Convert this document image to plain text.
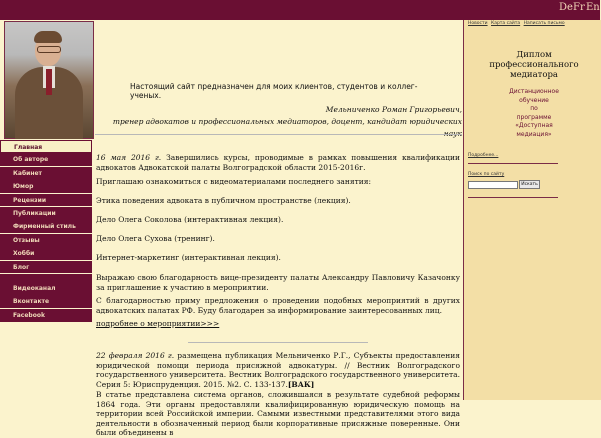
De Fr En
Главная
Об авторе
Кабинет
Юмор
Рецензии
Публикации
Фирменный стиль
Отзывы
Хобби
Блог
Видеоканал
Вконтакте
Facebook
Настоящий сайт предназначен для моих клиентов, студентов и коллег-ученых.
Мельниченко Роман Григорьевич,
тренер адвокатов и профессиональных медиаторов, доцент, кандидат юридических
16 мая 2016 г. Завершились курсы, проводимые в рамках повышения квалификации адвокатов Адвокатской палаты Волгоградской области 2015-2016г.
Приглашаю ознакомиться с видеоматериалами последнего занятия:
Этика поведения адвоката в публичном пространстве (лекция).
Дело Олега Соколова (интерактивная лекция).
Дело Олега Сухова (тренинг).
Интернет-маркетинг (интерактивная лекция).
Выражаю свою благодарность вице-президенту палаты Александру Павловичу Казачонку за приглашение к участию в мероприятии.
С благодарностью приму предложения о проведении подобных мероприятий в других адвокатских палатах РФ. Буду благодарен за информирование заинтересованных лиц.
подробнее о мероприятии>>>
22 февраля 2016 г. размещена публикация Мельниченко Р.Г., Субъекты предоставления юридической помощи периода присяжной адвокатуры. // Вестник Волгоградского государственного университета. Вестник Волгоградского государственного университета. Серия 5: Юриспруденция. 2015. №2. С. 133-137.[ВАК]
В статье представлена система органов, сложившаяся в результате судебной реформы 1864 года. Эти органы предоставляли квалифицированную юридическую помощь на территории всей Российской империи. Самыми известными представителями этого вида деятельности в обозначенный период были корпоративные присяжные поверенные. Они были объединены в
Новости Карта сайта Написать письмо
Диплом профессионального медиатора
Дистанционное
обучение
по
программе
«Доступная
медиация»
Подробнее...
Поиск по сайту
Искать
